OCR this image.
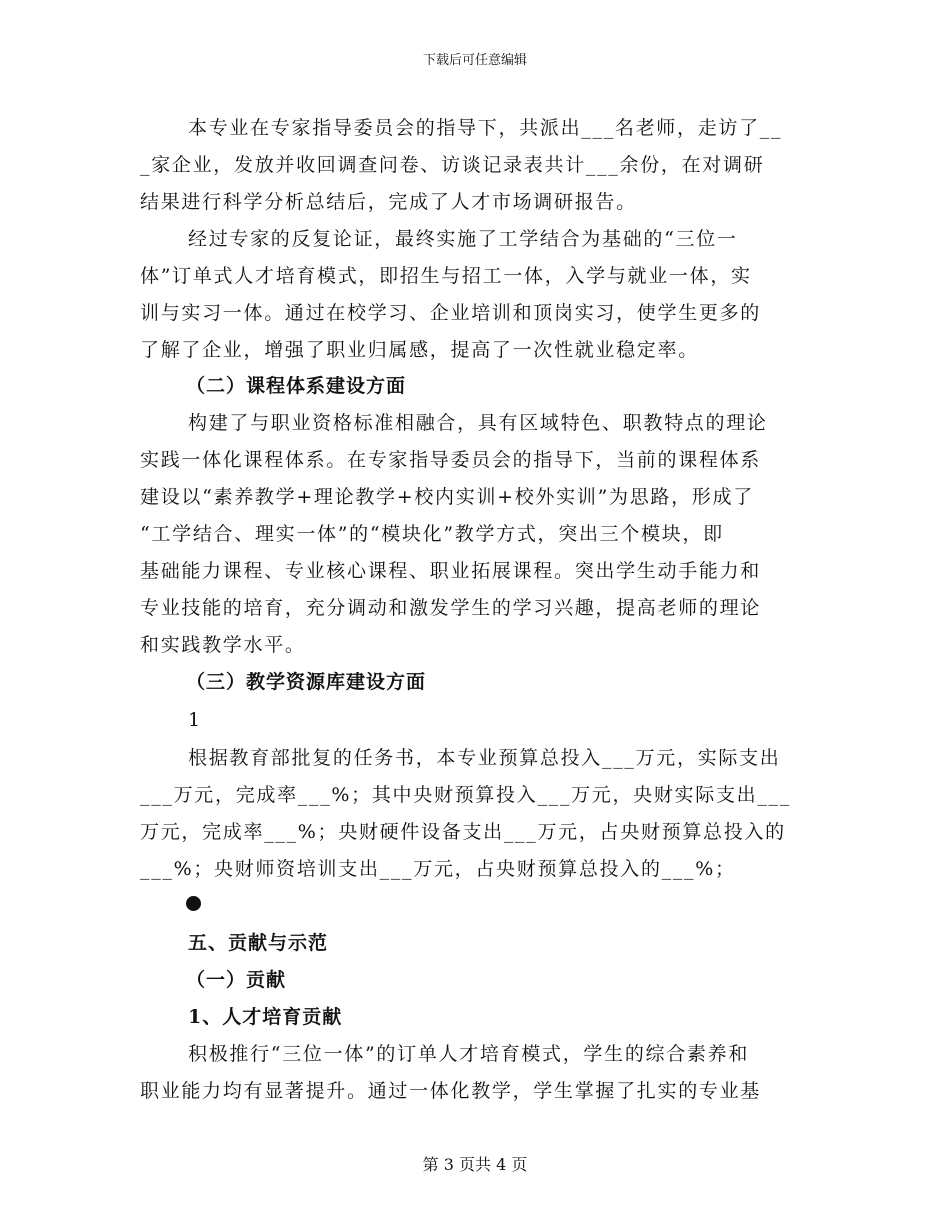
下载后可任意编辑
本专业在专家指导委员会的指导下，共派出___名老师，走访了__
_家企业，发放并收回调查问卷、访谈记录表共计___余份，在对调研
结果进行科学分析总结后，完成了人才市场调研报告。
经过专家的反复论证，最终实施了工学结合为基础的“三位一
体”订单式人才培育模式，即招生与招工一体，入学与就业一体，实
训与实习一体。通过在校学习、企业培训和顶岗实习，使学生更多的
了解了企业，增强了职业归属感，提高了一次性就业稳定率。
（二）课程体系建设方面
构建了与职业资格标准相融合，具有区域特色、职教特点的理论
实践一体化课程体系。在专家指导委员会的指导下，当前的课程体系
建设以“素养教学+理论教学+校内实训+校外实训”为思路，形成了
“工学结合、理实一体”的“模块化”教学方式，突出三个模块，即
基础能力课程、专业核心课程、职业拓展课程。突出学生动手能力和
专业技能的培育，充分调动和激发学生的学习兴趣，提高老师的理论
和实践教学水平。
（三）教学资源库建设方面
1
根据教育部批复的任务书，本专业预算总投入___万元，实际支出
___万元，完成率___%；其中央财预算投入___万元，央财实际支出___
万元，完成率___%；央财硬件设备支出___万元，占央财预算总投入的
___%；央财师资培训支出___万元，占央财预算总投入的___%；
五、贡献与示范
（一）贡献
1、人才培育贡献
积极推行“三位一体”的订单人才培育模式，学生的综合素养和
职业能力均有显著提升。通过一体化教学，学生掌握了扎实的专业基
第 3 页共 4 页
